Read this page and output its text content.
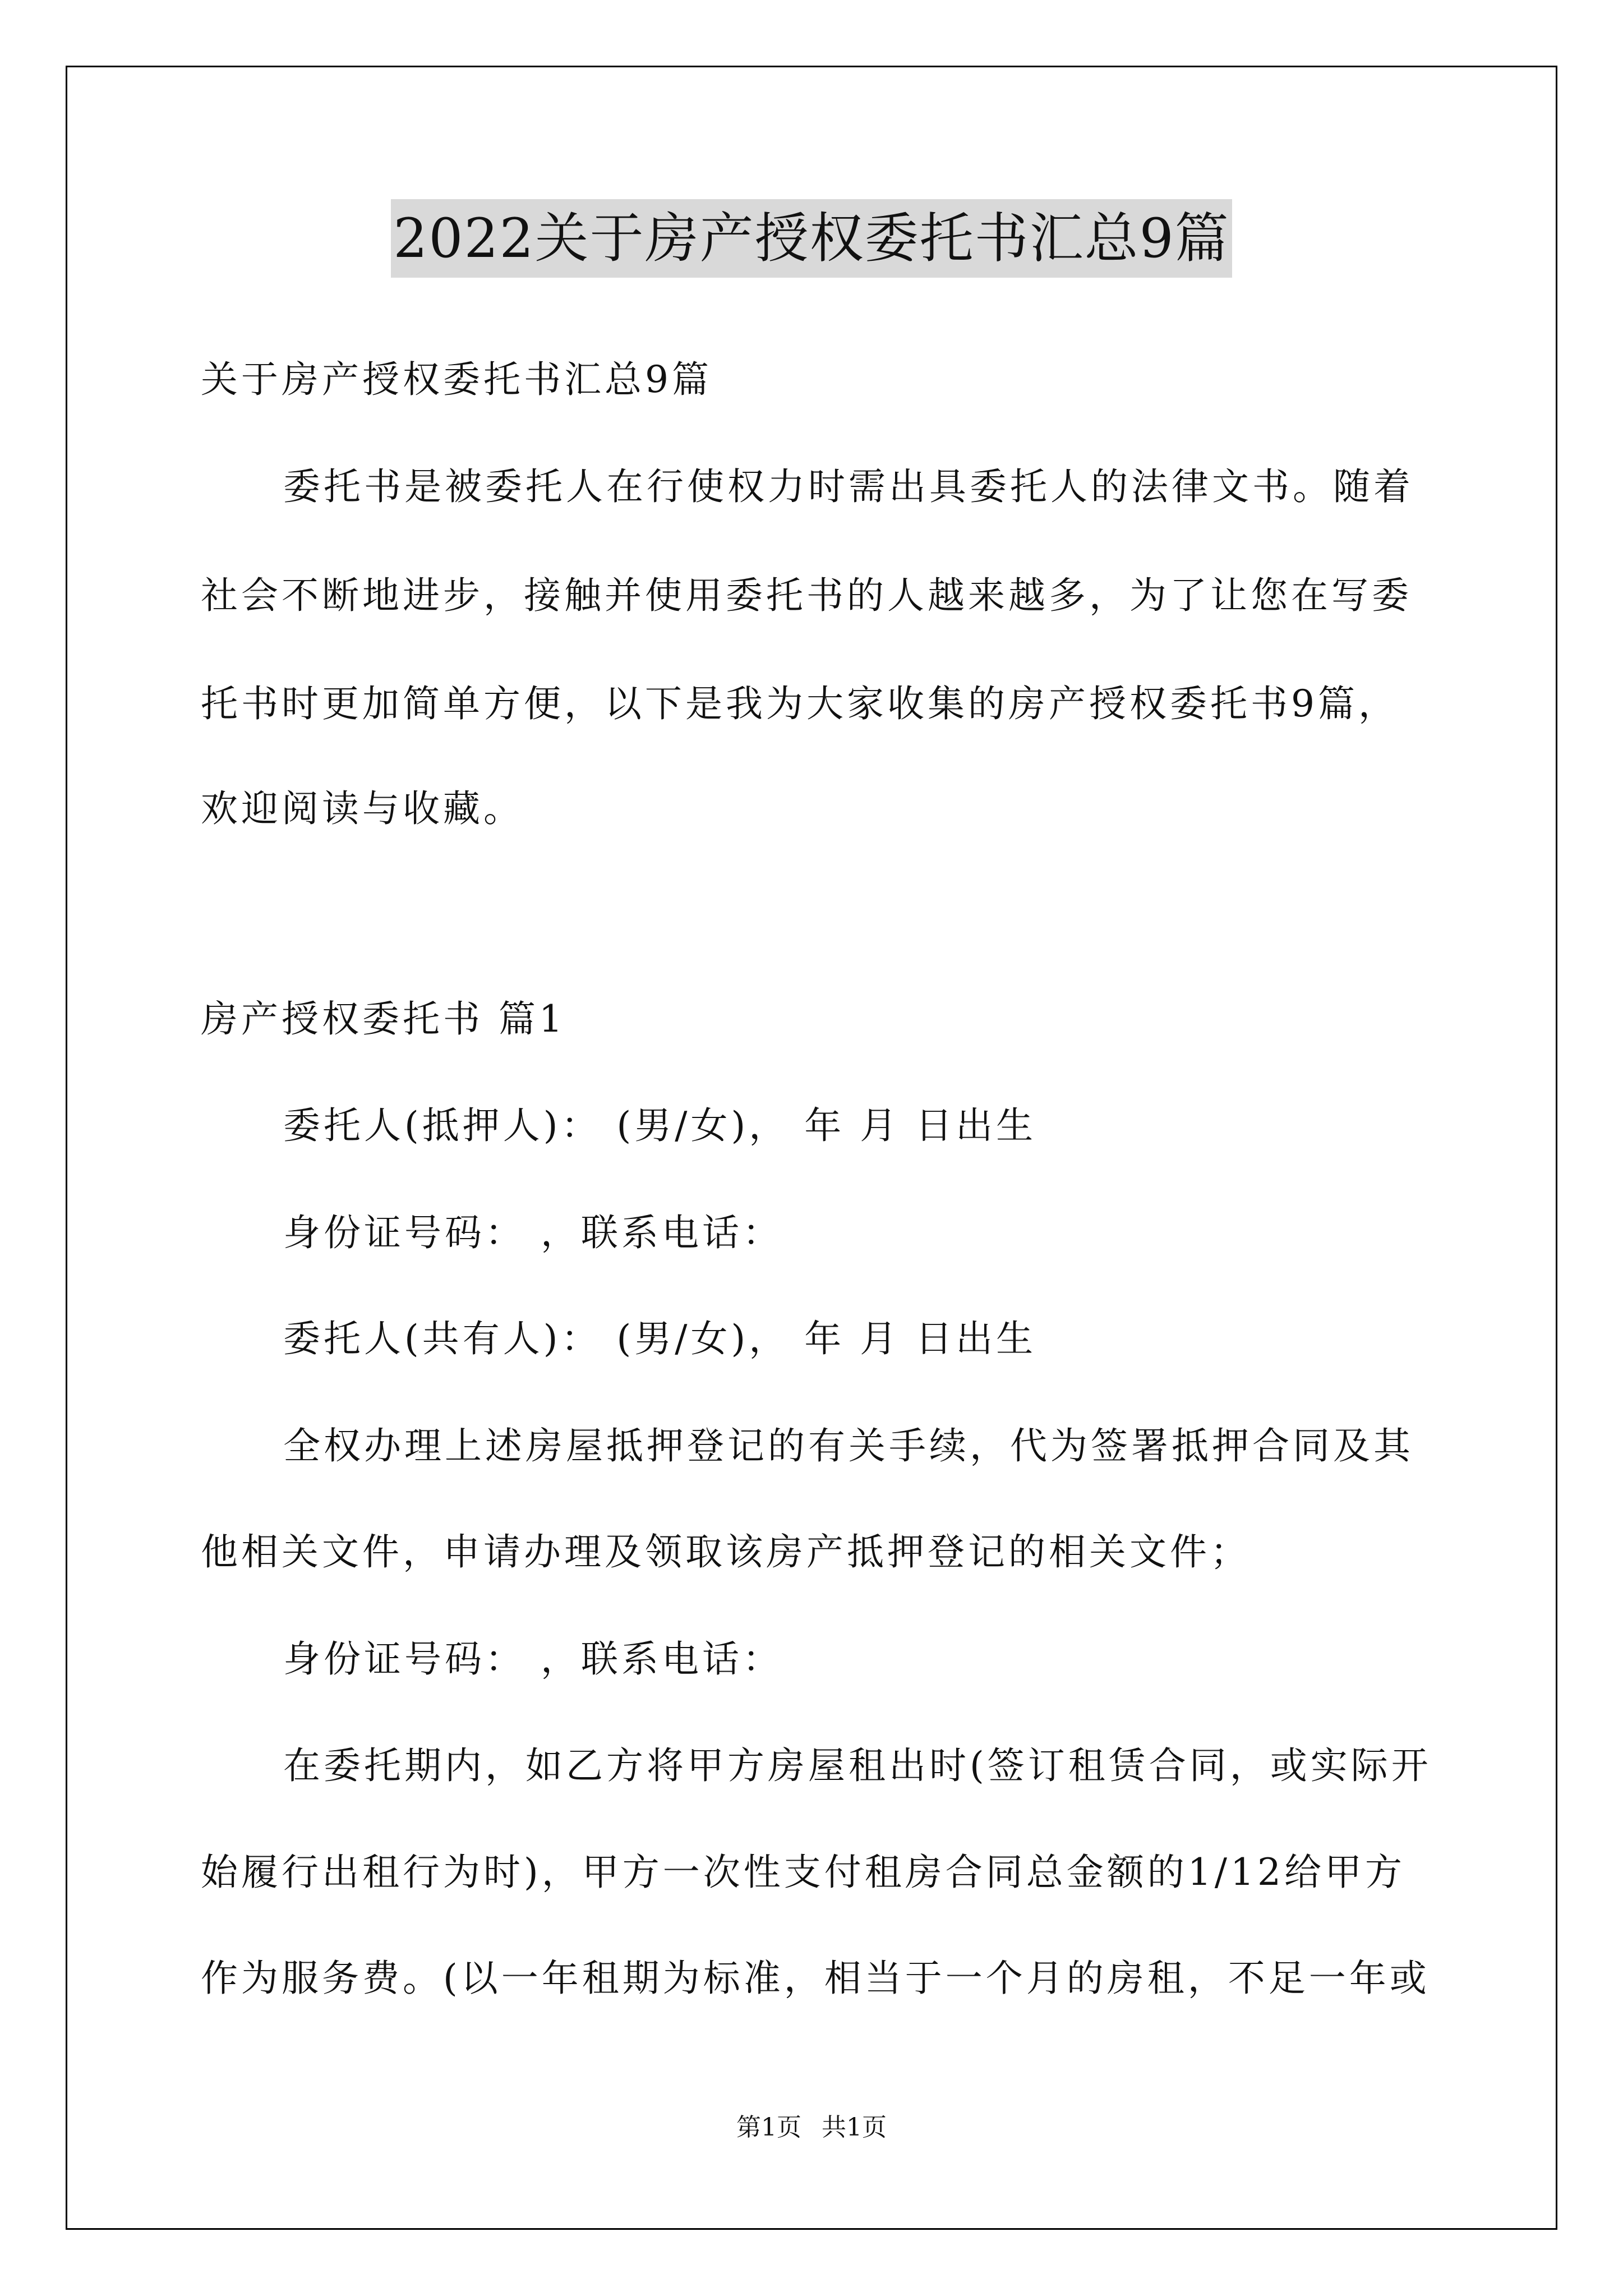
2022关于房产授权委托书汇总9篇
关于房产授权委托书汇总9篇
委托书是被委托人在行使权力时需出具委托人的法律文书。随着
社会不断地进步，接触并使用委托书的人越来越多，为了让您在写委
托书时更加简单方便，以下是我为大家收集的房产授权委托书9篇，
欢迎阅读与收藏。
房产授权委托书 篇1
委托人(抵押人)： (男/女)， 年 月 日出生
身份证号码： ，联系电话：
委托人(共有人)： (男/女)， 年 月 日出生
全权办理上述房屋抵押登记的有关手续，代为签署抵押合同及其
他相关文件，申请办理及领取该房产抵押登记的相关文件；
身份证号码： ，联系电话：
在委托期内，如乙方将甲方房屋租出时(签订租赁合同，或实际开
始履行出租行为时)，甲方一次性支付租房合同总金额的1/12给甲方
作为服务费。(以一年租期为标准，相当于一个月的房租，不足一年或
第1页 共1页
